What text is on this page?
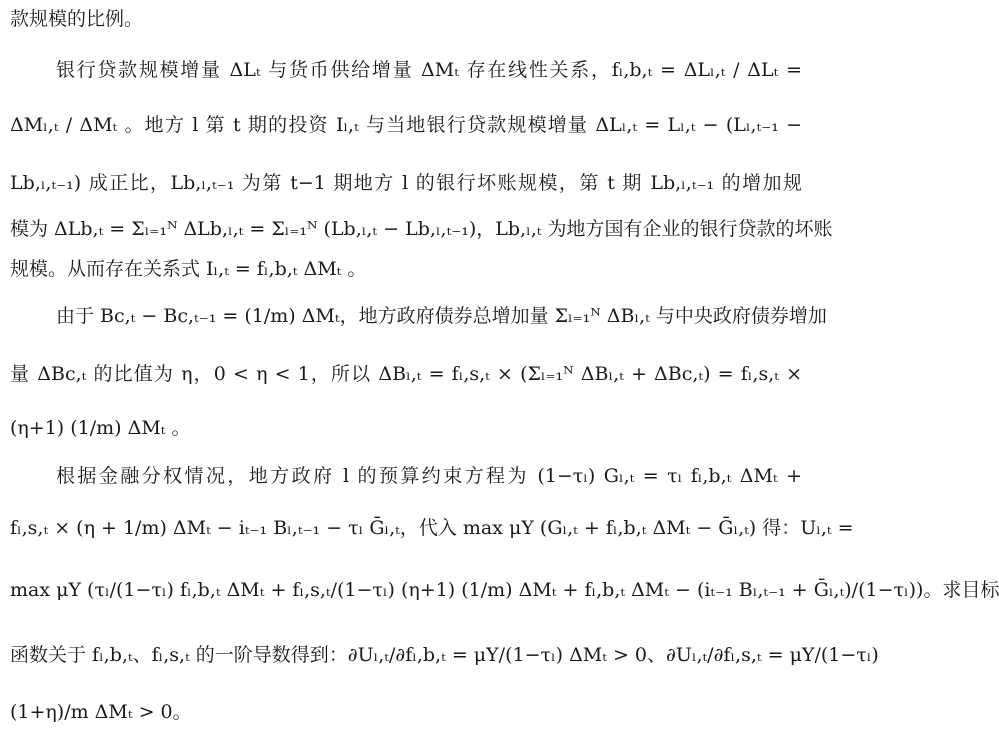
款规模的比例。
银行贷款规模增量 ΔLₜ 与货币供给增量 ΔMₜ 存在线性关系，fₗ,b,ₜ = ΔLₗ,ₜ / ΔLₜ =
ΔMₗ,ₜ / ΔMₜ 。地方 l 第 t 期的投资 Iₗ,ₜ 与当地银行贷款规模增量 ΔLₗ,ₜ = Lₗ,ₜ − (Lₗ,ₜ₋₁ −
Lb,ₗ,ₜ₋₁) 成正比，Lb,ₗ,ₜ₋₁ 为第 t−1 期地方 l 的银行坏账规模，第 t 期 Lb,ₗ,ₜ₋₁ 的增加规
模为 ΔLb,ₜ = Σₗ₌₁ᴺ ΔLb,ₗ,ₜ = Σₗ₌₁ᴺ (Lb,ₗ,ₜ − Lb,ₗ,ₜ₋₁)，Lb,ₗ,ₜ 为地方国有企业的银行贷款的坏账
规模。从而存在关系式 Iₗ,ₜ = fₗ,b,ₜ ΔMₜ 。
由于 Bc,ₜ − Bc,ₜ₋₁ = (1/m) ΔMₜ，地方政府债券总增加量 Σₗ₌₁ᴺ ΔBₗ,ₜ 与中央政府债券增加
量 ΔBc,ₜ 的比值为 η，0 < η < 1，所以 ΔBₗ,ₜ = fₗ,s,ₜ × (Σₗ₌₁ᴺ ΔBₗ,ₜ + ΔBc,ₜ) = fₗ,s,ₜ ×
(η+1) (1/m) ΔMₜ 。
根据金融分权情况，地方政府 l 的预算约束方程为 (1−τₗ) Gₗ,ₜ = τₗ fₗ,b,ₜ ΔMₜ +
fₗ,s,ₜ × (η + 1/m) ΔMₜ − iₜ₋₁ Bₗ,ₜ₋₁ − τₗ Ḡₗ,ₜ，代入 max μY (Gₗ,ₜ + fₗ,b,ₜ ΔMₜ − Ḡₗ,ₜ) 得：Uₗ,ₜ =
max μY (τₗ/(1−τₗ) fₗ,b,ₜ ΔMₜ + fₗ,s,ₜ/(1−τₗ) (η+1) (1/m) ΔMₜ + fₗ,b,ₜ ΔMₜ − (iₜ₋₁ Bₗ,ₜ₋₁ + Ḡₗ,ₜ)/(1−τₗ))。求目标
函数关于 fₗ,b,ₜ、fₗ,s,ₜ 的一阶导数得到：∂Uₗ,ₜ/∂fₗ,b,ₜ = μY/(1−τₗ) ΔMₜ > 0、∂Uₗ,ₜ/∂fₗ,s,ₜ = μY/(1−τₗ)
(1+η)/m ΔMₜ > 0。
